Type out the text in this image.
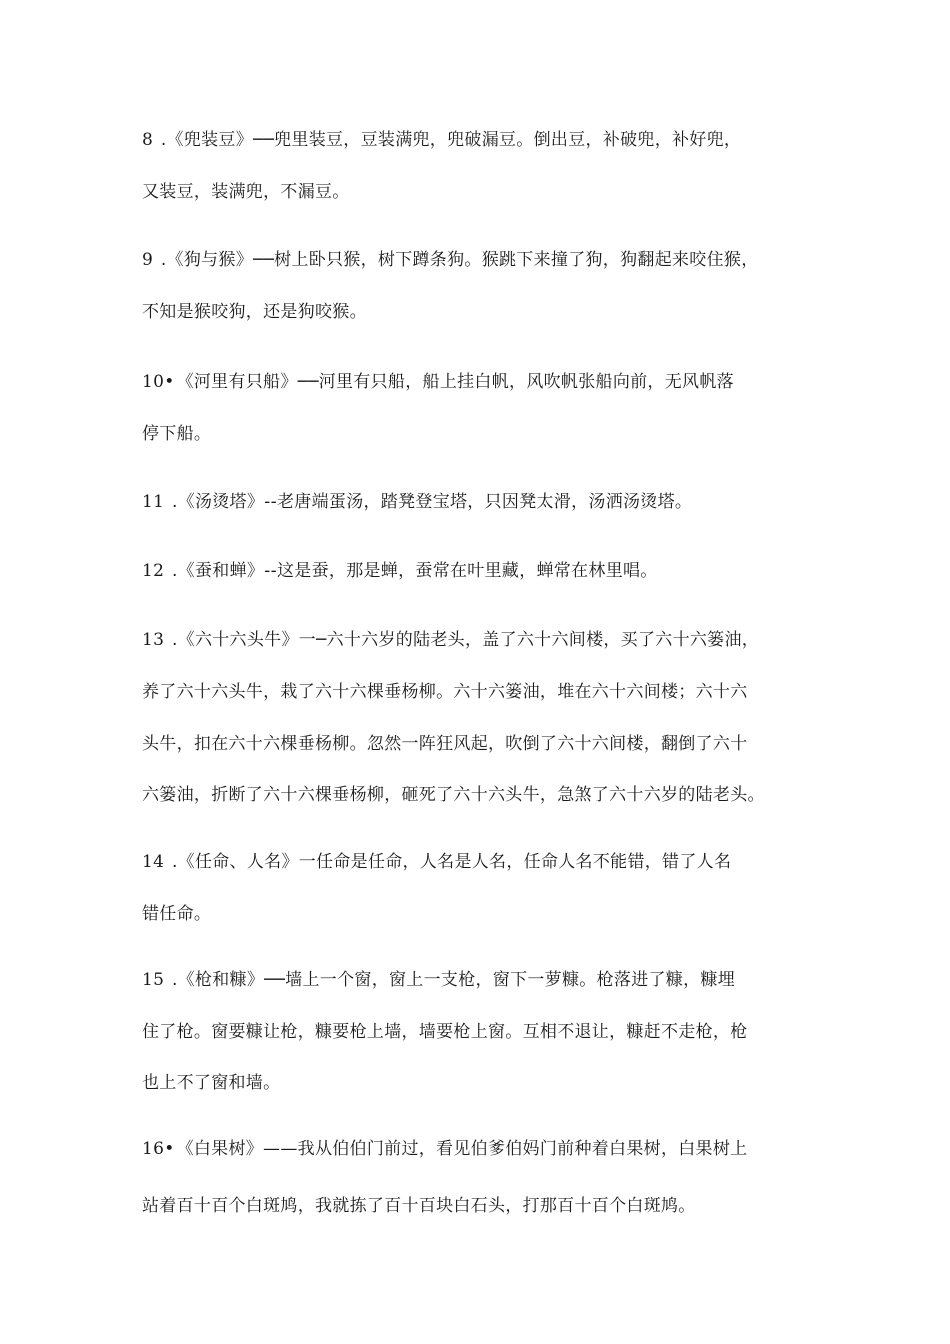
8 .《兜装豆》──兜里装豆，豆装满兜，兜破漏豆。倒出豆，补破兜，补好兜，
又装豆，装满兜，不漏豆。
9 .《狗与猴》──树上卧只猴，树下蹲条狗。猴跳下来撞了狗，狗翻起来咬住猴，
不知是猴咬狗，还是狗咬猴。
10• 《河里有只船》──河里有只船，船上挂白帆，风吹帆张船向前，无风帆落
停下船。
11 .《汤烫塔》--老唐端蛋汤，踏凳登宝塔，只因凳太滑，汤洒汤烫塔。
12 .《蚕和蝉》--这是蚕，那是蝉，蚕常在叶里藏，蝉常在林里唱。
13 .《六十六头牛》一─六十六岁的陆老头，盖了六十六间楼，买了六十六篓油，
养了六十六头牛，栽了六十六棵垂杨柳。六十六篓油，堆在六十六间楼；六十六
头牛，扣在六十六棵垂杨柳。忽然一阵狂风起，吹倒了六十六间楼，翻倒了六十
六篓油，折断了六十六棵垂杨柳，砸死了六十六头牛，急煞了六十六岁的陆老头。
14 .《任命、人名》一任命是任命，人名是人名，任命人名不能错，错了人名
错任命。
15 .《枪和糠》──墙上一个窗，窗上一支枪，窗下一萝糠。枪落进了糠，糠埋
住了枪。窗要糠让枪，糠要枪上墙，墙要枪上窗。互相不退让，糠赶不走枪，枪
也上不了窗和墙。
16• 《白果树》——我从伯伯门前过，看见伯爹伯妈门前种着白果树，白果树上
站着百十百个白斑鸠，我就拣了百十百块白石头，打那百十百个白斑鸠。
